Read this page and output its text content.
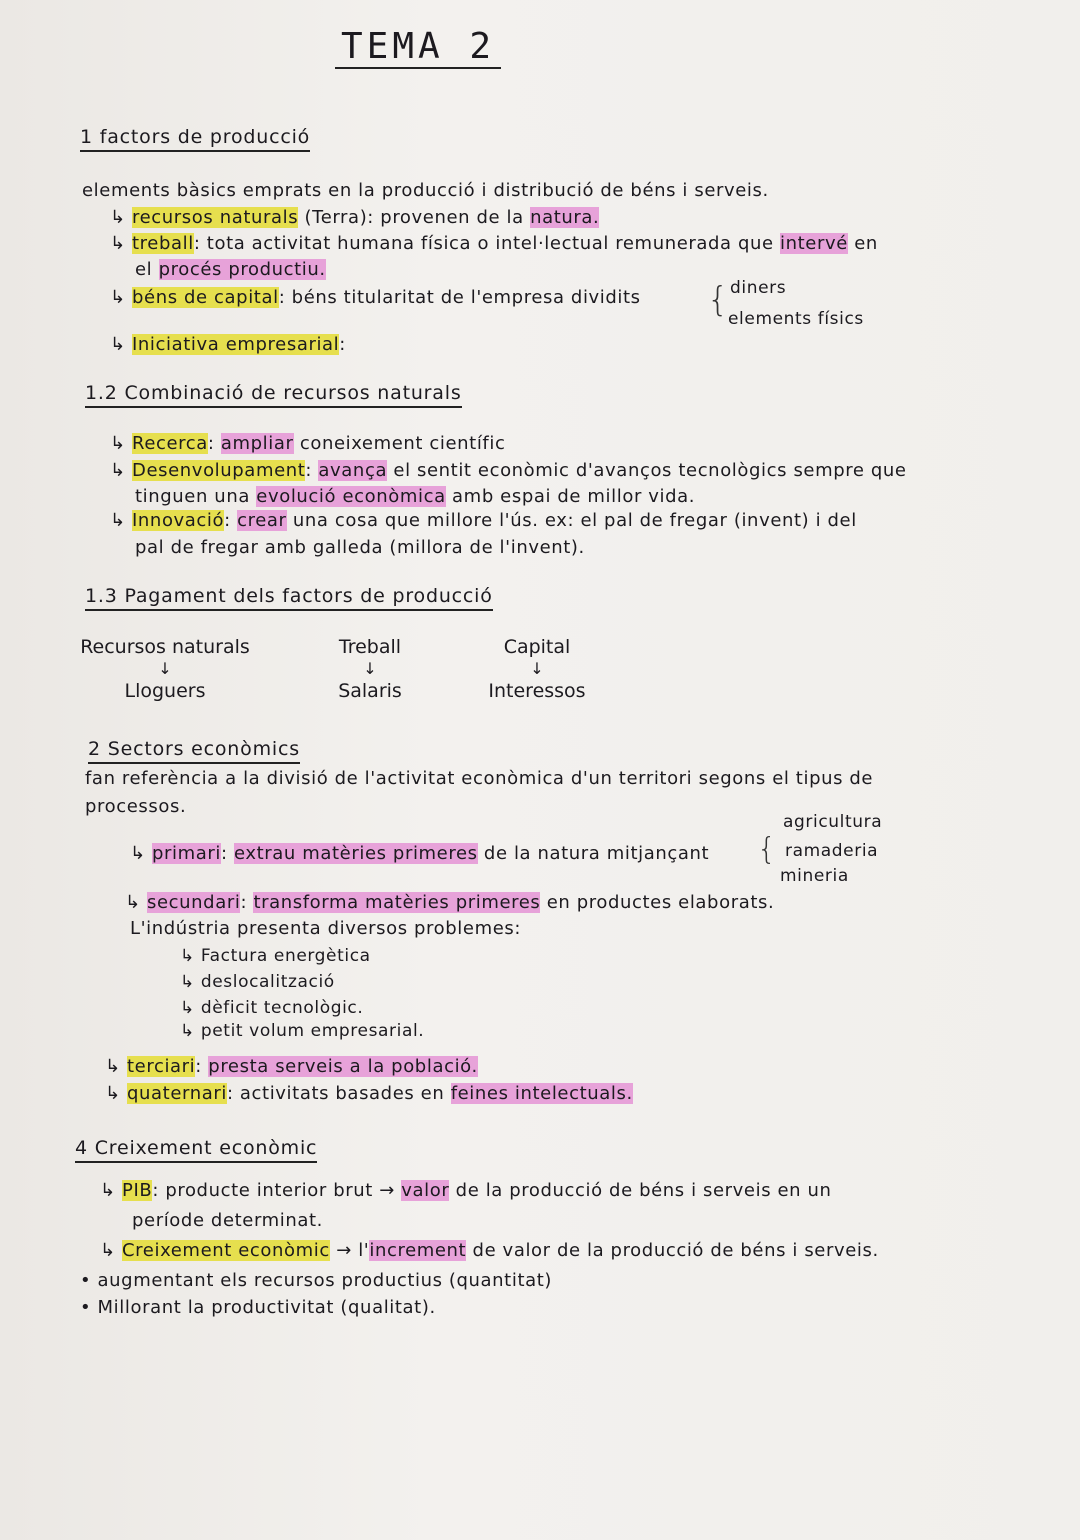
TEMA 2
1 factors de producció
elements bàsics emprats en la producció i distribució de béns i serveis.
↳ recursos naturals (Terra): provenen de la natura.
↳ treball: tota activitat humana física o intel·lectual remunerada que intervé en
el procés productiu.
↳ béns de capital: béns titularitat de l'empresa dividits { diners
elements físics
↳ Iniciativa empresarial:
1.2 Combinació de recursos naturals
↳ Recerca: ampliar coneixement científic
↳ Desenvolupament: avança el sentit econòmic d'avanços tecnològics sempre que
tinguen una evolució econòmica amb espai de millor vida.
↳ Innovació: crear una cosa que millore l'ús. ex: el pal de fregar (invent) i del
pal de fregar amb galleda (millora de l'invent).
1.3 Pagament dels factors de producció
Recursos naturals
↓
Lloguers
Treball
↓
Salaris
Capital
↓
Interessos
2 Sectors econòmics
fan referència a la divisió de l'activitat econòmica d'un territori segons el tipus de
processos.
↳ primari: extrau matèries primeres de la natura mitjançant {
agricultura
ramaderia
mineria
↳ secundari: transforma matèries primeres en productes elaborats.
L'indústria presenta diversos problemes:
↳ Factura energètica
↳ deslocalització
↳ dèficit tecnològic.
↳ petit volum empresarial.
↳ terciari: presta serveis a la població.
↳ quaternari: activitats basades en feines intelectuals.
4 Creixement econòmic
↳ PIB: producte interior brut → valor de la producció de béns i serveis en un
període determinat.
↳ Creixement econòmic → l'increment de valor de la producció de béns i serveis.
• augmentant els recursos productius (quantitat)
• Millorant la productivitat (qualitat).
